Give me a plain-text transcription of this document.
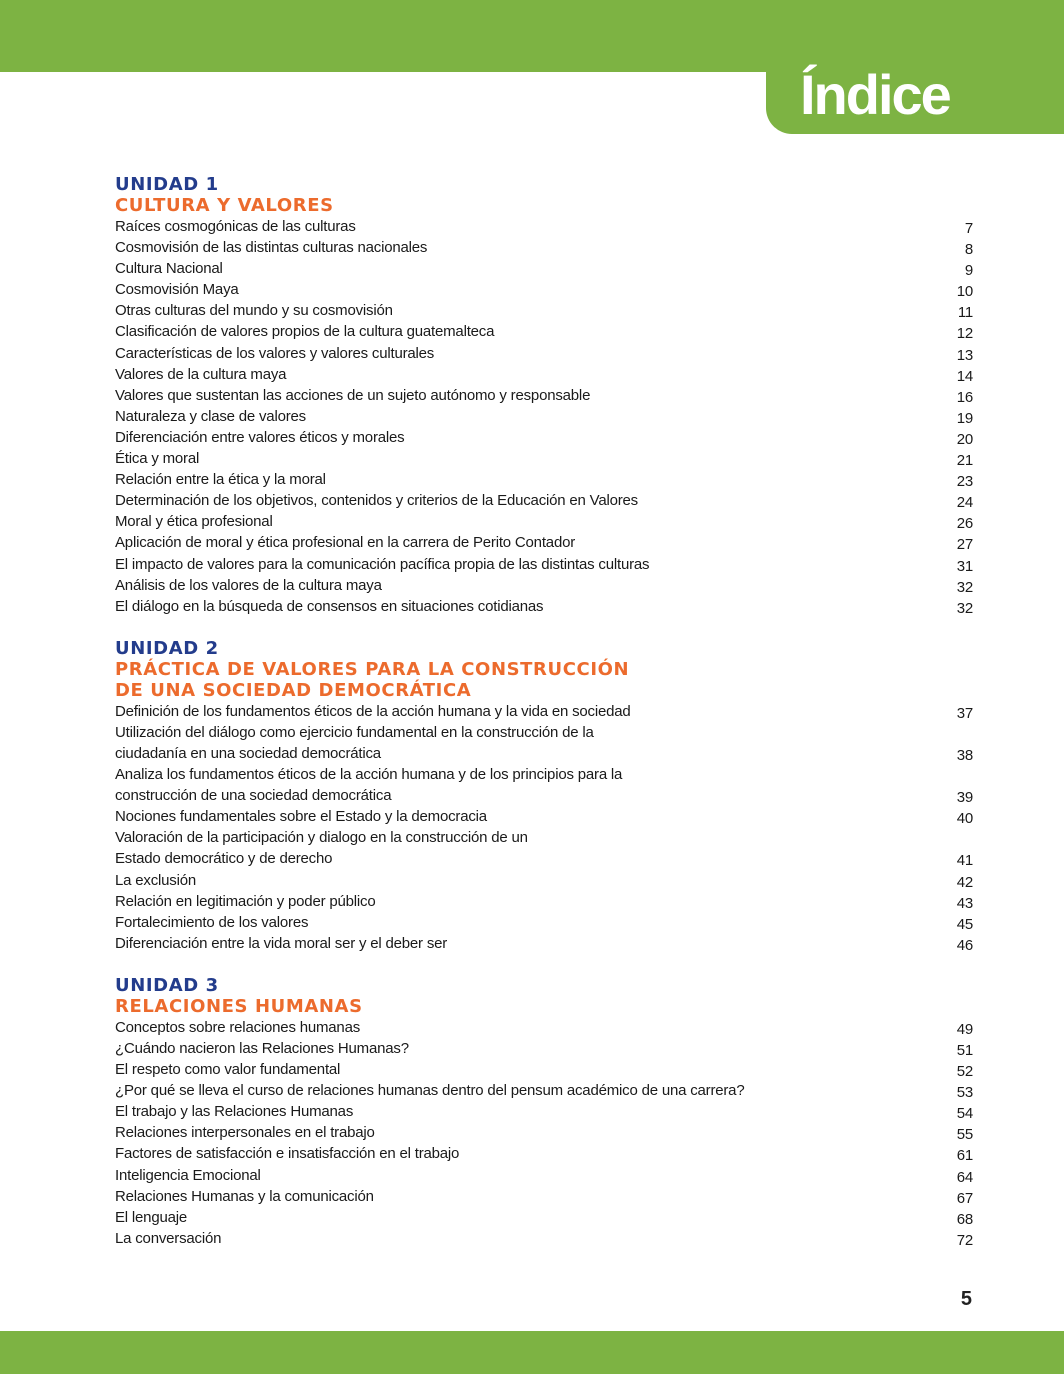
Índice
UNIDAD 1
CULTURA Y VALORES
Raíces cosmogónicas de las culturas	7
Cosmovisión de las distintas culturas nacionales	8
Cultura Nacional	9
Cosmovisión Maya	10
Otras culturas del mundo y su cosmovisión	11
Clasificación de valores propios de la cultura guatemalteca	12
Características de los valores y valores culturales	13
Valores de la cultura maya	14
Valores que sustentan las acciones de un sujeto autónomo y responsable	16
Naturaleza y clase de valores	19
Diferenciación entre valores éticos y morales	20
Ética y moral	21
Relación entre la ética y la moral	23
Determinación de los objetivos, contenidos y criterios de la Educación en Valores	24
Moral y ética profesional	26
Aplicación de moral y ética profesional en la carrera de Perito Contador	27
El impacto de valores para la comunicación pacífica propia de las distintas culturas	31
Análisis de los valores de la cultura maya	32
El diálogo en la búsqueda de consensos en situaciones cotidianas	32
UNIDAD 2
PRÁCTICA DE VALORES PARA LA CONSTRUCCIÓN
DE UNA SOCIEDAD DEMOCRÁTICA
Definición de los fundamentos éticos de la acción humana y la vida en sociedad	37
Utilización del diálogo como ejercicio fundamental en la construcción de la
ciudadanía en una sociedad democrática	38
Analiza los fundamentos éticos de la acción humana y de los principios para la
construcción de una sociedad democrática	39
Nociones fundamentales sobre el Estado y la democracia	40
Valoración de la participación y dialogo en la construcción de un
Estado democrático y de derecho	41
La exclusión	42
Relación en legitimación y poder público	43
Fortalecimiento de los valores	45
Diferenciación entre la vida moral ser y el deber ser	46
UNIDAD 3
RELACIONES HUMANAS
Conceptos sobre relaciones humanas	49
¿Cuándo nacieron las Relaciones Humanas?	51
El respeto como valor fundamental	52
¿Por qué se lleva el curso de relaciones humanas dentro del pensum académico de una carrera?	53
El trabajo y las Relaciones Humanas	54
Relaciones interpersonales en el trabajo	55
Factores de satisfacción e insatisfacción en el trabajo	61
Inteligencia Emocional	64
Relaciones Humanas y la comunicación	67
El lenguaje	68
La conversación	72
5
